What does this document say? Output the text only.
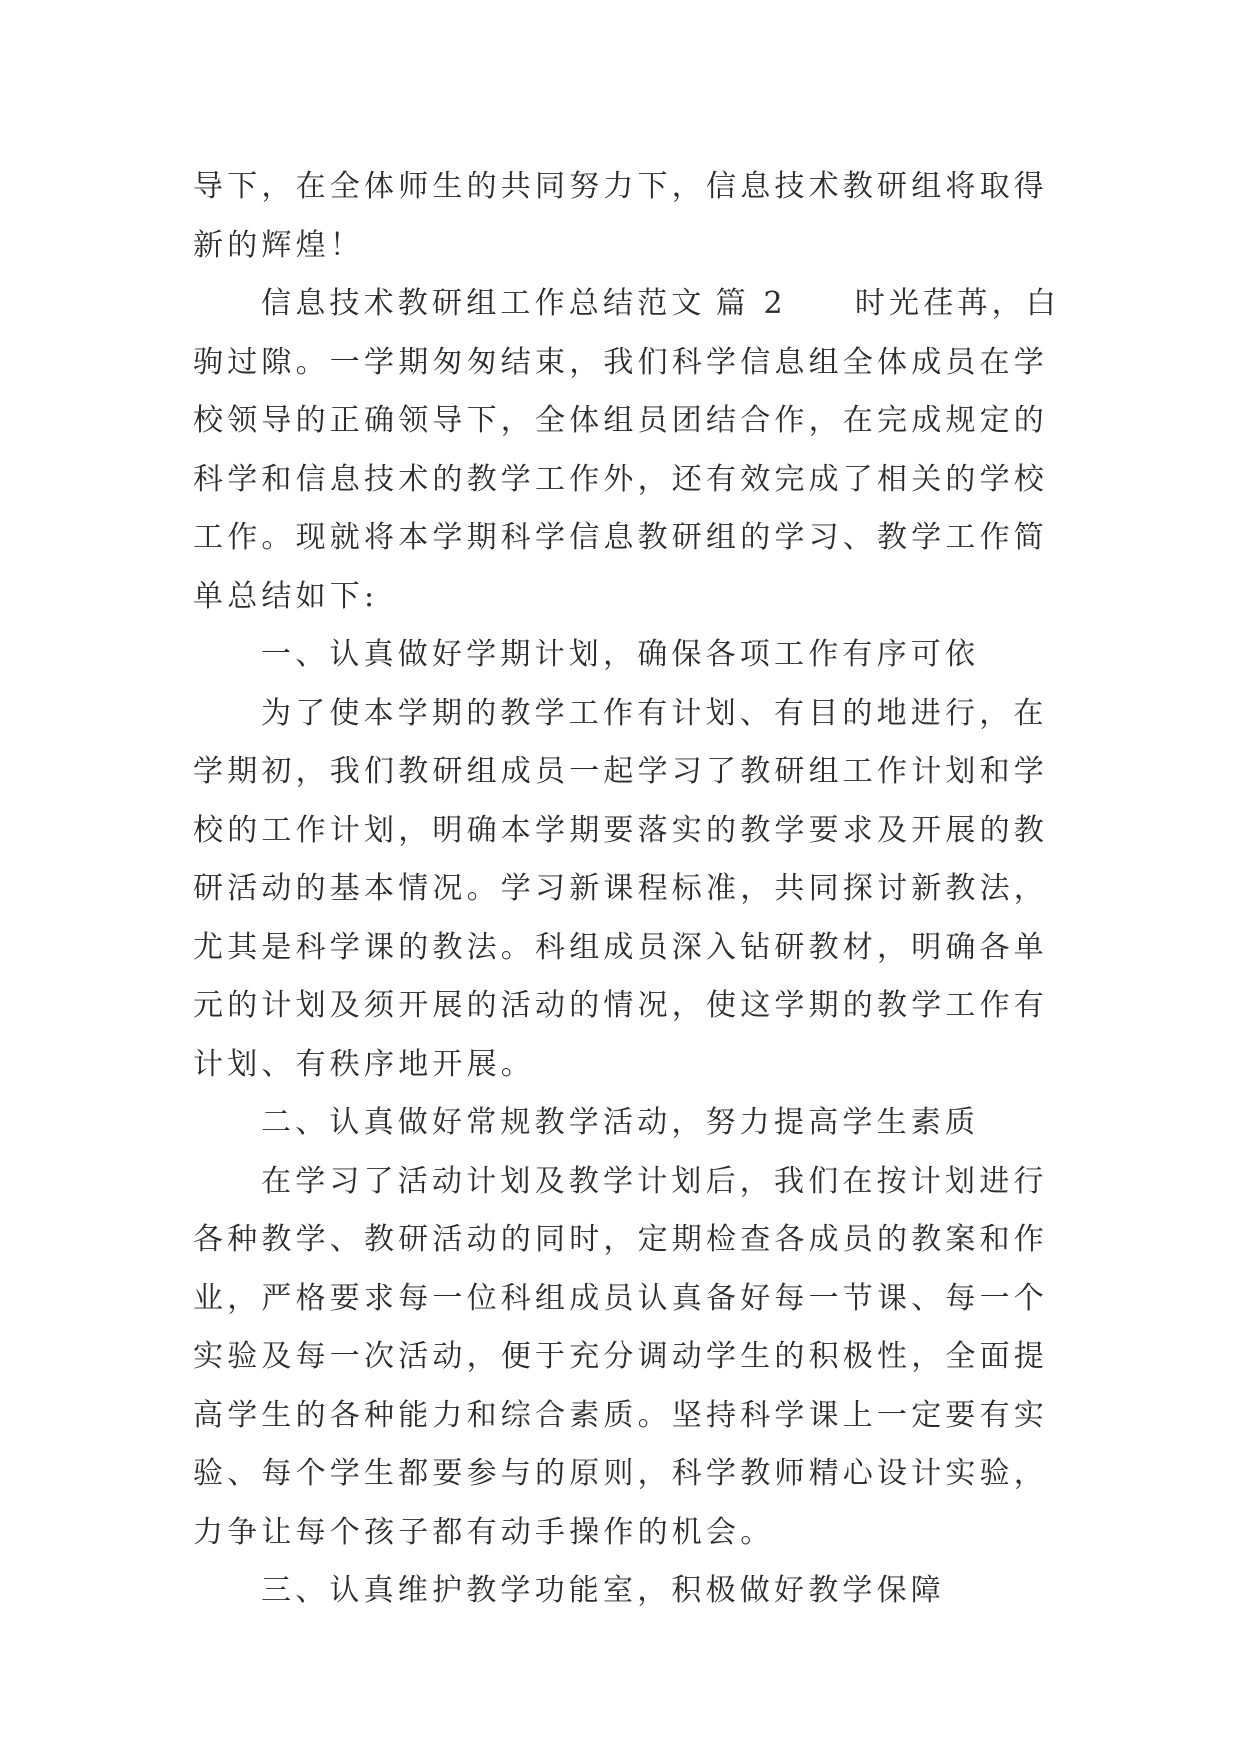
导下，在全体师生的共同努力下，信息技术教研组将取得新的辉煌！

信息技术教研组工作总结范文 篇 2 时光荏苒，白驹过隙。一学期匆匆结束，我们科学信息组全体成员在学校领导的正确领导下，全体组员团结合作，在完成规定的科学和信息技术的教学工作外，还有效完成了相关的学校工作。现就将本学期科学信息教研组的学习、教学工作简单总结如下:

一、认真做好学期计划，确保各项工作有序可依

为了使本学期的教学工作有计划、有目的地进行，在学期初，我们教研组成员一起学习了教研组工作计划和学校的工作计划，明确本学期要落实的教学要求及开展的教研活动的基本情况。学习新课程标准，共同探讨新教法，尤其是科学课的教法。科组成员深入钻研教材，明确各单元的计划及须开展的活动的情况，使这学期的教学工作有计划、有秩序地开展。

二、认真做好常规教学活动，努力提高学生素质

在学习了活动计划及教学计划后，我们在按计划进行各种教学、教研活动的同时，定期检查各成员的教案和作业，严格要求每一位科组成员认真备好每一节课、每一个实验及每一次活动，便于充分调动学生的积极性，全面提高学生的各种能力和综合素质。坚持科学课上一定要有实验、每个学生都要参与的原则，科学教师精心设计实验，力争让每个孩子都有动手操作的机会。

三、认真维护教学功能室，积极做好教学保障
